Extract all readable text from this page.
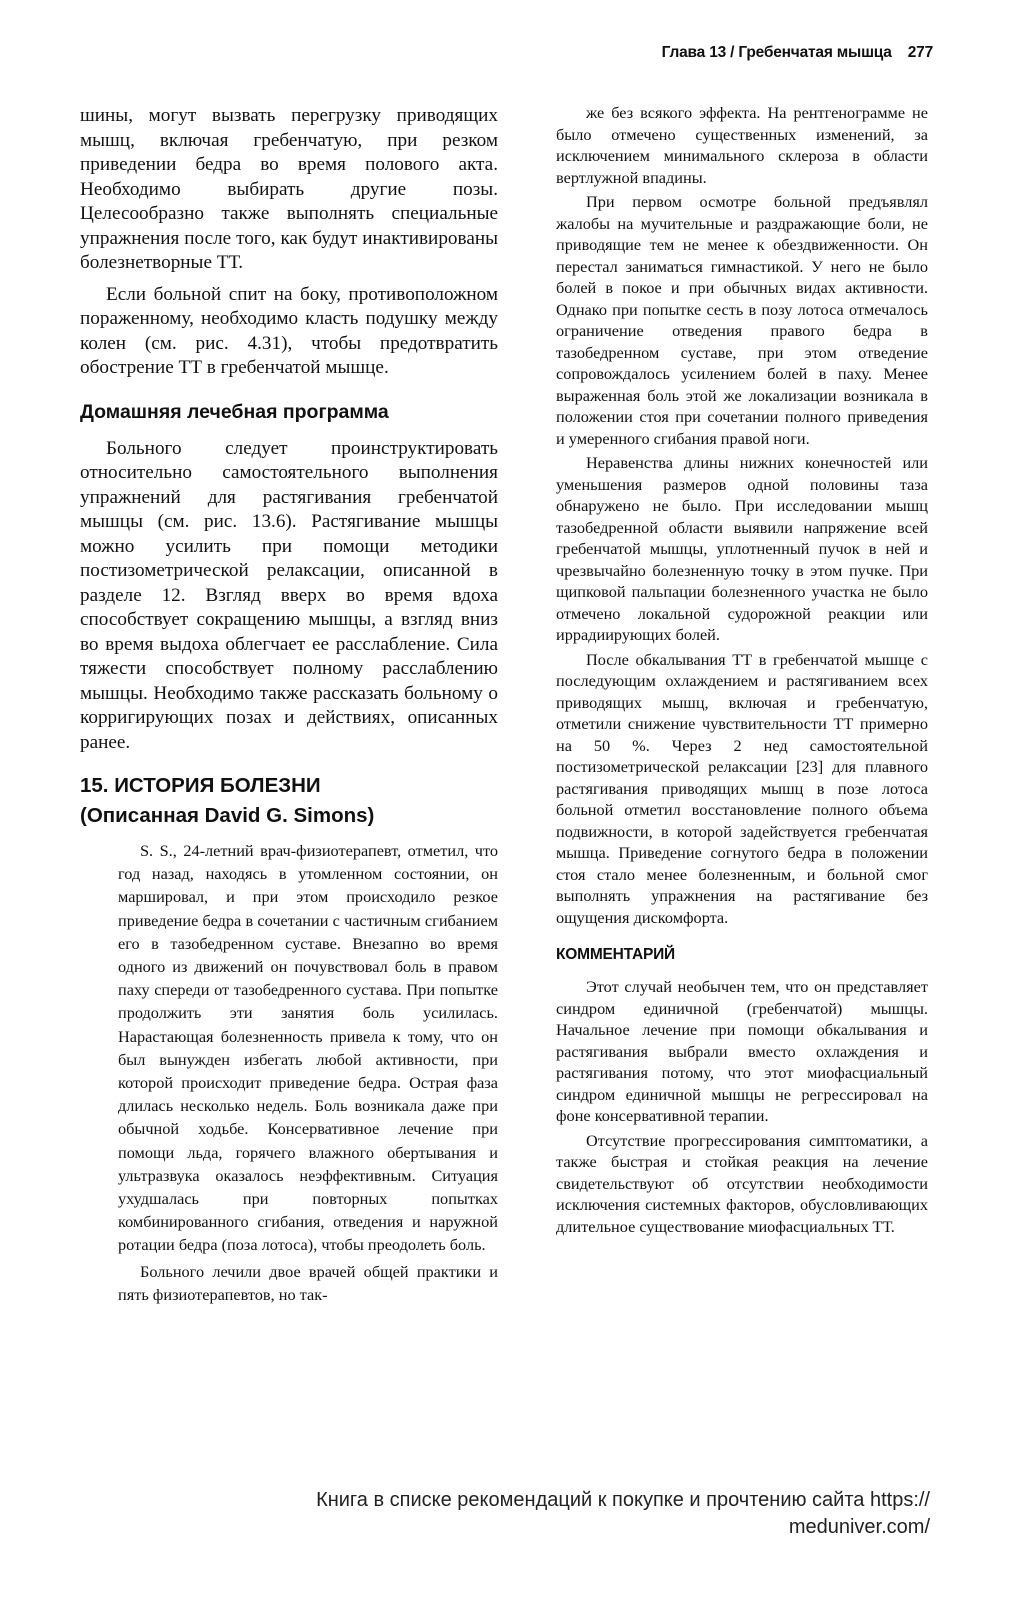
Глава 13 / Гребенчатая мышца 277

шины, могут вызвать перегрузку приводящих мышц, включая гребенчатую, при резком приведении бедра во время полового акта. Необходимо выбирать другие позы. Целесообразно также выполнять специальные упражнения после того, как будут инактивированы болезнетворные ТТ.

Если больной спит на боку, противоположном пораженному, необходимо класть подушку между колен (см. рис. 4.31), чтобы предотвратить обострение ТТ в гребенчатой мышце.

Домашняя лечебная программа

Больного следует проинструктировать относительно самостоятельного выполнения упражнений для растягивания гребенчатой мышцы (см. рис. 13.6). Растягивание мышцы можно усилить при помощи методики постизометрической релаксации, описанной в разделе 12. Взгляд вверх во время вдоха способствует сокращению мышцы, а взгляд вниз во время выдоха облегчает ее расслабление. Сила тяжести способствует полному расслаблению мышцы. Необходимо также рассказать больному о корригирующих позах и действиях, описанных ранее.

15. ИСТОРИЯ БОЛЕЗНИ
(Описанная David G. Simons)

S. S., 24-летний врач-физиотерапевт, отметил, что год назад, находясь в утомленном состоянии, он маршировал, и при этом происходило резкое приведение бедра в сочетании с частичным сгибанием его в тазобедренном суставе. Внезапно во время одного из движений он почувствовал боль в правом паху спереди от тазобедренного сустава. При попытке продолжить эти занятия боль усилилась. Нарастающая болезненность привела к тому, что он был вынужден избегать любой активности, при которой происходит приведение бедра. Острая фаза длилась несколько недель. Боль возникала даже при обычной ходьбе. Консервативное лечение при помощи льда, горячего влажного обертывания и ультразвука оказалось неэффективным. Ситуация ухудшалась при повторных попытках комбинированного сгибания, отведения и наружной ротации бедра (поза лотоса), чтобы преодолеть боль.

Больного лечили двое врачей общей практики и пять физиотерапевтов, но так-

же без всякого эффекта. На рентгенограмме не было отмечено существенных изменений, за исключением минимального склероза в области вертлужной впадины.

При первом осмотре больной предъявлял жалобы на мучительные и раздражающие боли, не приводящие тем не менее к обездвиженности. Он перестал заниматься гимнастикой. У него не было болей в покое и при обычных видах активности. Однако при попытке сесть в позу лотоса отмечалось ограничение отведения правого бедра в тазобедренном суставе, при этом отведение сопровождалось усилением болей в паху. Менее выраженная боль этой же локализации возникала в положении стоя при сочетании полного приведения и умеренного сгибания правой ноги.

Неравенства длины нижних конечностей или уменьшения размеров одной половины таза обнаружено не было. При исследовании мышц тазобедренной области выявили напряжение всей гребенчатой мышцы, уплотненный пучок в ней и чрезвычайно болезненную точку в этом пучке. При щипковой пальпации болезненного участка не было отмечено локальной судорожной реакции или иррадиирующих болей.

После обкалывания ТТ в гребенчатой мышце с последующим охлаждением и растягиванием всех приводящих мышц, включая и гребенчатую, отметили снижение чувствительности ТТ примерно на 50 %. Через 2 нед самостоятельной постизометрической релаксации [23] для плавного растягивания приводящих мышц в позе лотоса больной отметил восстановление полного объема подвижности, в которой задействуется гребенчатая мышца. Приведение согнутого бедра в положении стоя стало менее болезненным, и больной смог выполнять упражнения на растягивание без ощущения дискомфорта.

КОММЕНТАРИЙ

Этот случай необычен тем, что он представляет синдром единичной (гребенчатой) мышцы. Начальное лечение при помощи обкалывания и растягивания выбрали вместо охлаждения и растягивания потому, что этот миофасциальный синдром единичной мышцы не регрессировал на фоне консервативной терапии.

Отсутствие прогрессирования симптоматики, а также быстрая и стойкая реакция на лечение свидетельствуют об отсутствии необходимости исключения системных факторов, обусловливающих длительное существование миофасциальных ТТ.

Книга в списке рекомендаций к покупке и прочтению сайта https://
meduniver.com/
